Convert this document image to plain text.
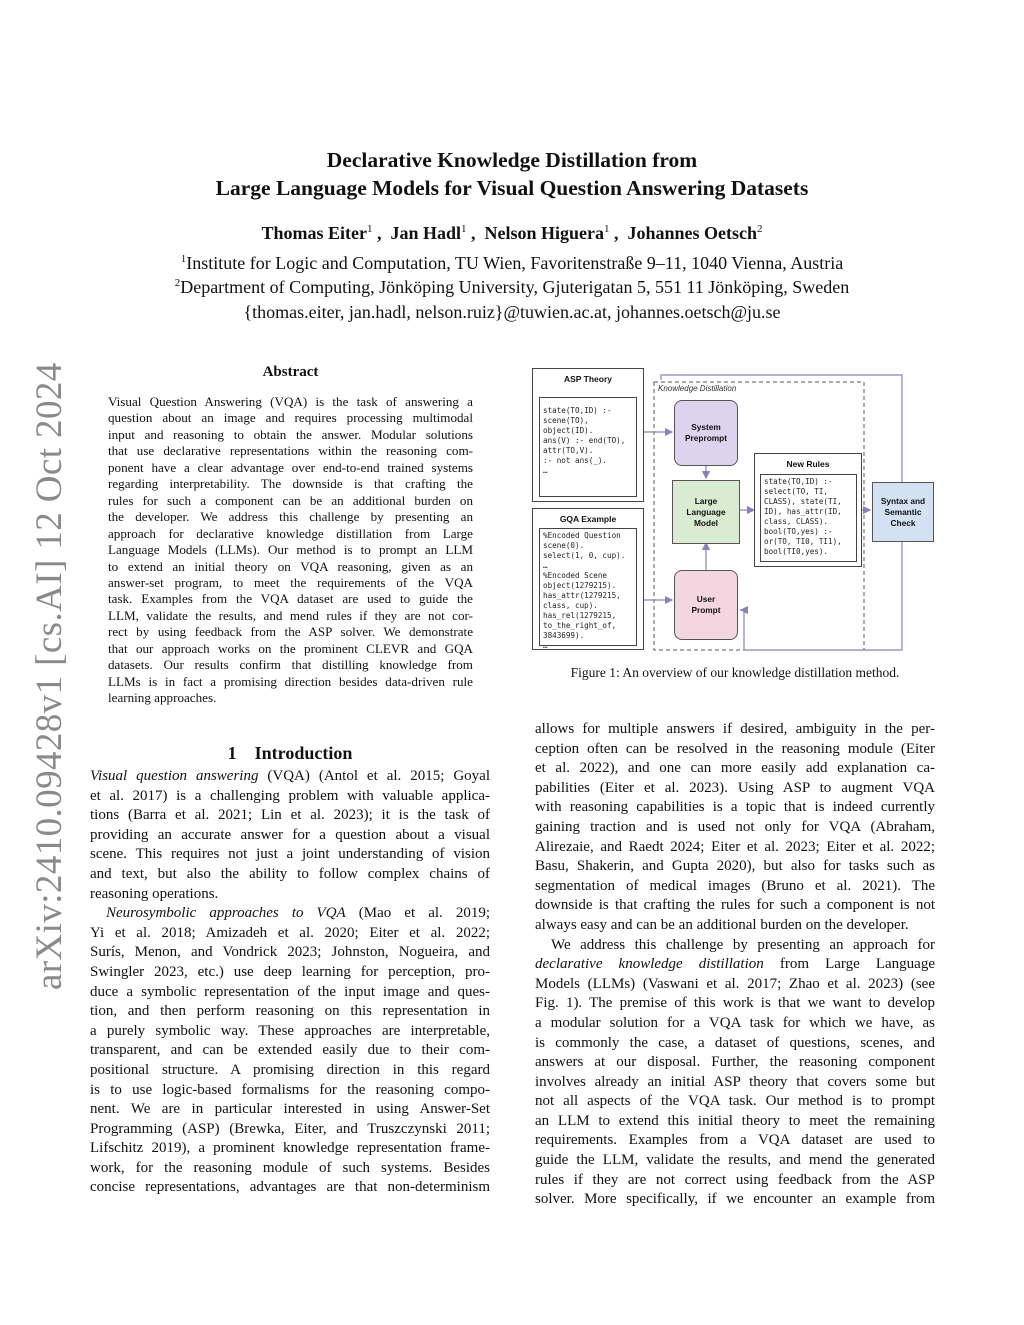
arXiv:2410.09428v1 [cs.AI] 12 Oct 2024
Declarative Knowledge Distillation from
Large Language Models for Visual Question Answering Datasets
Thomas Eiter$^1$ ,  Jan Hadl$^1$ ,  Nelson Higuera$^1$ ,  Johannes Oetsch$^2$
$^1$Institute for Logic and Computation, TU Wien, Favoritenstraße 9–11, 1040 Vienna, Austria
$^2$Department of Computing, Jönköping University, Gjuterigatan 5, 551 11 Jönköping, Sweden
{thomas.eiter, jan.hadl, nelson.ruiz}@tuwien.ac.at, johannes.oetsch@ju.se
Abstract
Visual Question Answering (VQA) is the task of answering a
question about an image and requires processing multimodal
input and reasoning to obtain the answer. Modular solutions
that use declarative representations within the reasoning com-
ponent have a clear advantage over end-to-end trained systems
regarding interpretability. The downside is that crafting the
rules for such a component can be an additional burden on
the developer. We address this challenge by presenting an
approach for declarative knowledge distillation from Large
Language Models (LLMs). Our method is to prompt an LLM
to extend an initial theory on VQA reasoning, given as an
answer-set program, to meet the requirements of the VQA
task. Examples from the VQA dataset are used to guide the
LLM, validate the results, and mend rules if they are not cor-
rect by using feedback from the ASP solver. We demonstrate
that our approach works on the prominent CLEVR and GQA
datasets. Our results confirm that distilling knowledge from
LLMs is in fact a promising direction besides data-driven rule
learning approaches.
ASP Theory
state(TO,ID) :-
scene(TO),
object(ID).
ans(V) :- end(TO),
attr(TO,V).
:- not ans(_).
…
GQA Example
%Encoded Question
scene(0).
select(1, 0, cup).
…
%Encoded Scene
object(1279215).
has_attr(1279215,
class, cup).
has_rel(1279215,
to_the_right_of,
3843699).
…
Knowledge Distillation
System
Preprompt
Large
Language
Model
User
Prompt
New Rules
state(TO,ID) :-
select(TO, TI,
CLASS), state(TI,
ID), has_attr(ID,
class, CLASS).
bool(TO,yes) :-
or(TO, TI0, TI1),
bool(TI0,yes).
Syntax and
Semantic
Check
Figure 1: An overview of our knowledge distillation method.
1 Introduction
Visual question answering (VQA) (Antol et al. 2015; Goyal
et al. 2017) is a challenging problem with valuable applica-
tions (Barra et al. 2021; Lin et al. 2023); it is the task of
providing an accurate answer for a question about a visual
scene. This requires not just a joint understanding of vision
and text, but also the ability to follow complex chains of
reasoning operations.
Neurosymbolic approaches to VQA (Mao et al. 2019;
Yi et al. 2018; Amizadeh et al. 2020; Eiter et al. 2022;
Surís, Menon, and Vondrick 2023; Johnston, Nogueira, and
Swingler 2023, etc.) use deep learning for perception, pro-
duce a symbolic representation of the input image and ques-
tion, and then perform reasoning on this representation in
a purely symbolic way. These approaches are interpretable,
transparent, and can be extended easily due to their com-
positional structure. A promising direction in this regard
is to use logic-based formalisms for the reasoning compo-
nent. We are in particular interested in using Answer-Set
Programming (ASP) (Brewka, Eiter, and Truszczynski 2011;
Lifschitz 2019), a prominent knowledge representation frame-
work, for the reasoning module of such systems. Besides
concise representations, advantages are that non-determinism
allows for multiple answers if desired, ambiguity in the per-
ception often can be resolved in the reasoning module (Eiter
et al. 2022), and one can more easily add explanation ca-
pabilities (Eiter et al. 2023). Using ASP to augment VQA
with reasoning capabilities is a topic that is indeed currently
gaining traction and is used not only for VQA (Abraham,
Alirezaie, and Raedt 2024; Eiter et al. 2023; Eiter et al. 2022;
Basu, Shakerin, and Gupta 2020), but also for tasks such as
segmentation of medical images (Bruno et al. 2021). The
downside is that crafting the rules for such a component is not
always easy and can be an additional burden on the developer.
We address this challenge by presenting an approach for
declarative knowledge distillation from Large Language
Models (LLMs) (Vaswani et al. 2017; Zhao et al. 2023) (see
Fig. 1). The premise of this work is that we want to develop
a modular solution for a VQA task for which we have, as
is commonly the case, a dataset of questions, scenes, and
answers at our disposal. Further, the reasoning component
involves already an initial ASP theory that covers some but
not all aspects of the VQA task. Our method is to prompt
an LLM to extend this initial theory to meet the remaining
requirements. Examples from a VQA dataset are used to
guide the LLM, validate the results, and mend the generated
rules if they are not correct using feedback from the ASP
solver. More specifically, if we encounter an example from
